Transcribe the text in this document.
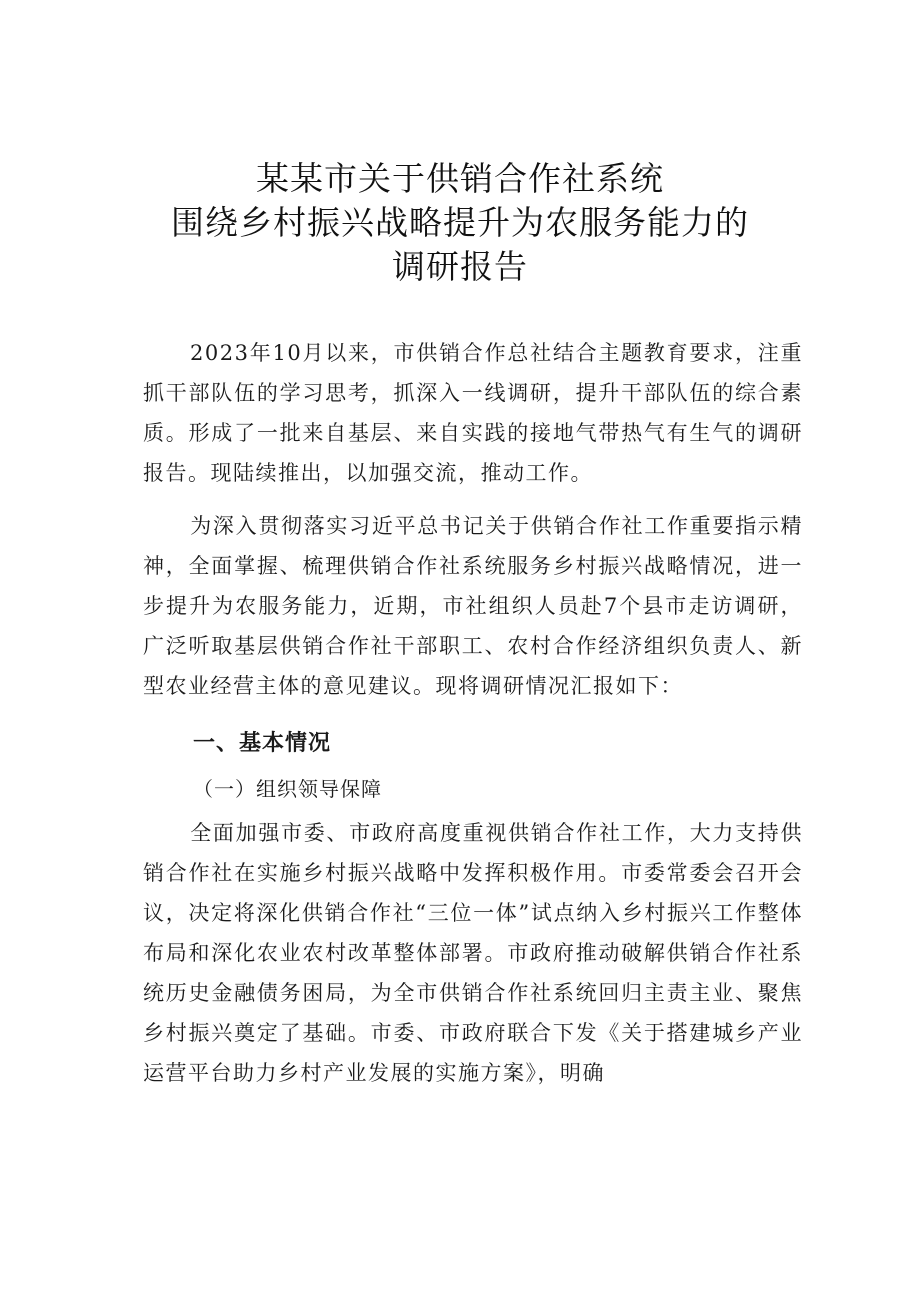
某某市关于供销合作社系统
围绕乡村振兴战略提升为农服务能力的
调研报告
2023年10月以来，市供销合作总社结合主题教育要求，注重抓干部队伍的学习思考，抓深入一线调研，提升干部队伍的综合素质。形成了一批来自基层、来自实践的接地气带热气有生气的调研报告。现陆续推出，以加强交流，推动工作。
为深入贯彻落实习近平总书记关于供销合作社工作重要指示精神，全面掌握、梳理供销合作社系统服务乡村振兴战略情况，进一步提升为农服务能力，近期，市社组织人员赴7个县市走访调研，广泛听取基层供销合作社干部职工、农村合作经济组织负责人、新型农业经营主体的意见建议。现将调研情况汇报如下：
一、基本情况
（一）组织领导保障
全面加强市委、市政府高度重视供销合作社工作，大力支持供销合作社在实施乡村振兴战略中发挥积极作用。市委常委会召开会议，决定将深化供销合作社“三位一体”试点纳入乡村振兴工作整体布局和深化农业农村改革整体部署。市政府推动破解供销合作社系统历史金融债务困局，为全市供销合作社系统回归主责主业、聚焦乡村振兴奠定了基础。市委、市政府联合下发《关于搭建城乡产业运营平台助力乡村产业发展的实施方案》，明确
